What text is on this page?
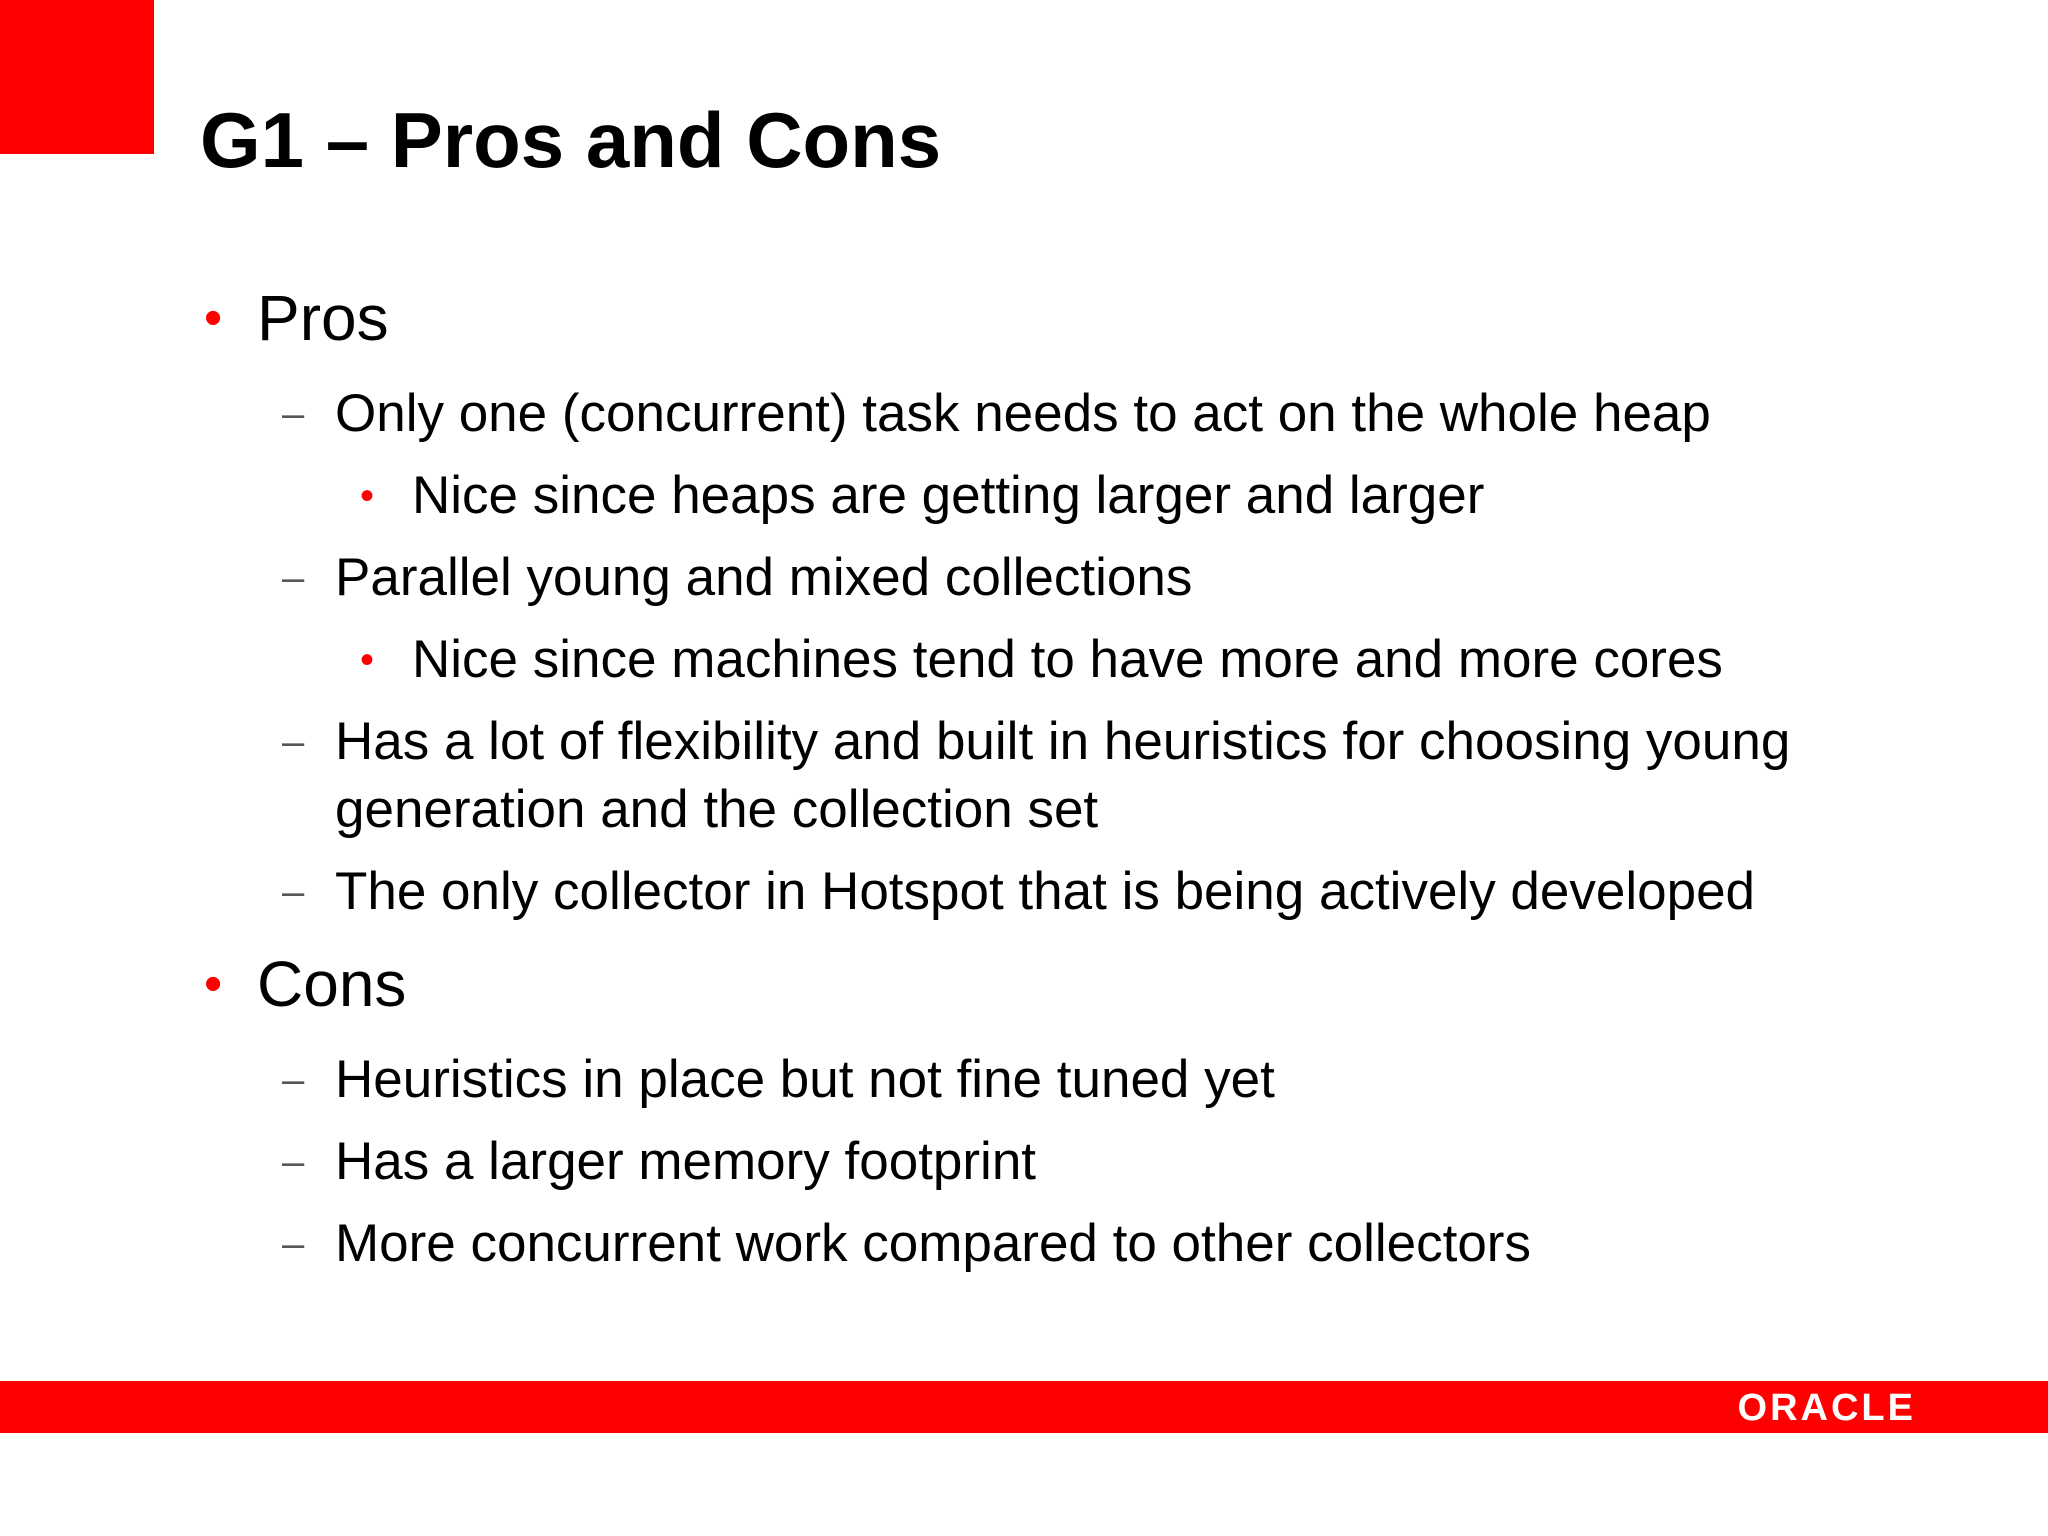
G1 – Pros and Cons
• Pros
– Only one (concurrent) task needs to act on the whole heap
• Nice since heaps are getting larger and larger
– Parallel young and mixed collections
• Nice since machines tend to have more and more cores
– Has a lot of flexibility and built in heuristics for choosing young generation and the collection set
– The only collector in Hotspot that is being actively developed
• Cons
– Heuristics in place but not fine tuned yet
– Has a larger memory footprint
– More concurrent work compared to other collectors
ORACLE
